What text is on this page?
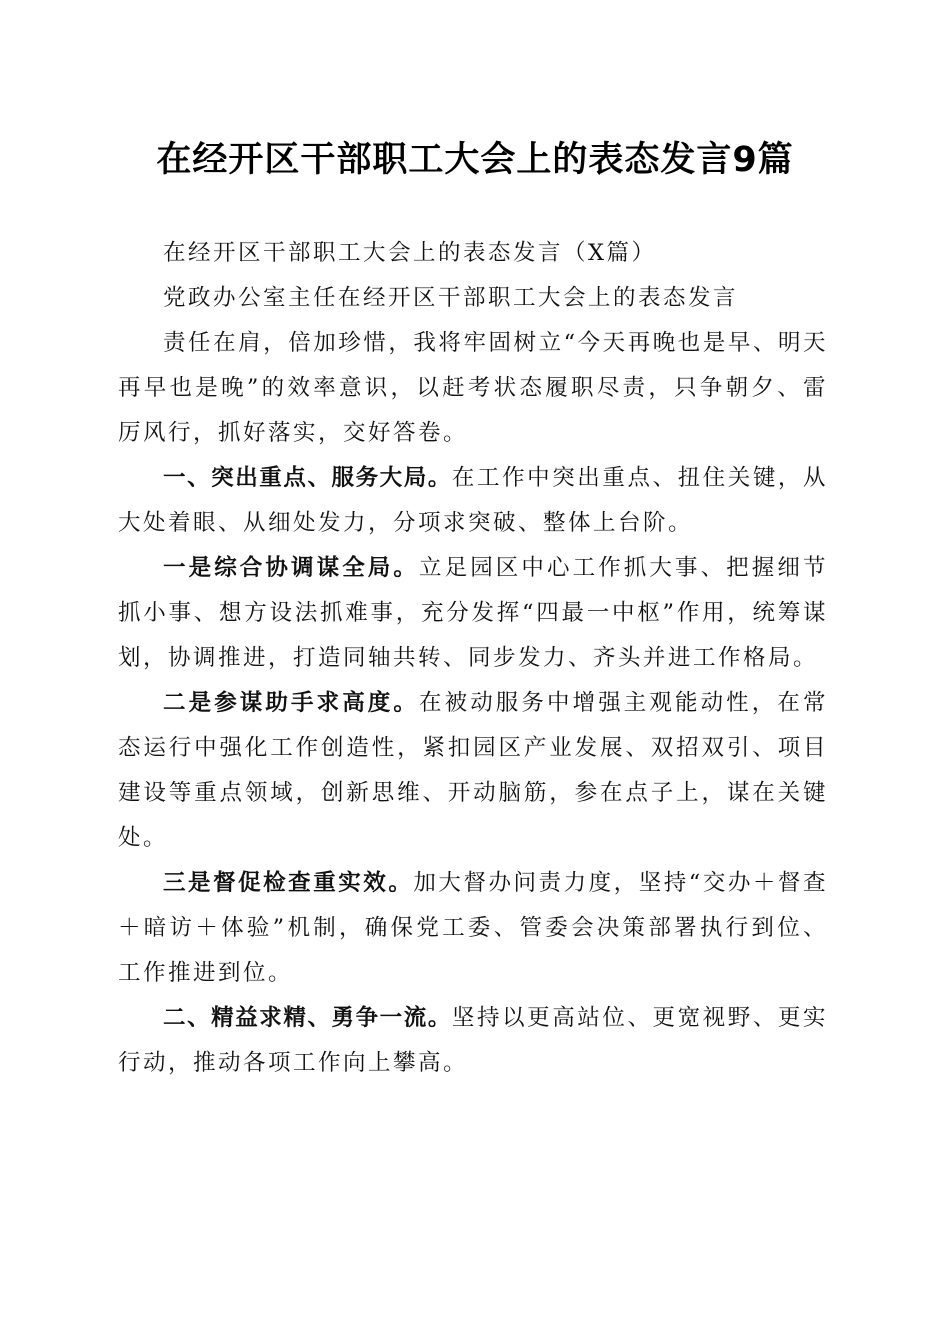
在经开区干部职工大会上的表态发言9篇

在经开区干部职工大会上的表态发言（X篇）

党政办公室主任在经开区干部职工大会上的表态发言

责任在肩，倍加珍惜，我将牢固树立“今天再晚也是早、明天再早也是晚”的效率意识，以赶考状态履职尽责，只争朝夕、雷厉风行，抓好落实，交好答卷。

一、突出重点、服务大局。在工作中突出重点、扭住关键，从大处着眼、从细处发力，分项求突破、整体上台阶。

一是综合协调谋全局。立足园区中心工作抓大事、把握细节抓小事、想方设法抓难事，充分发挥“四最一中枢”作用，统筹谋划，协调推进，打造同轴共转、同步发力、齐头并进工作格局。

二是参谋助手求高度。在被动服务中增强主观能动性，在常态运行中强化工作创造性，紧扣园区产业发展、双招双引、项目建设等重点领域，创新思维、开动脑筋，参在点子上，谋在关键处。

三是督促检查重实效。加大督办问责力度，坚持“交办＋督查＋暗访＋体验”机制，确保党工委、管委会决策部署执行到位、工作推进到位。

二、精益求精、勇争一流。坚持以更高站位、更宽视野、更实行动，推动各项工作向上攀高。
